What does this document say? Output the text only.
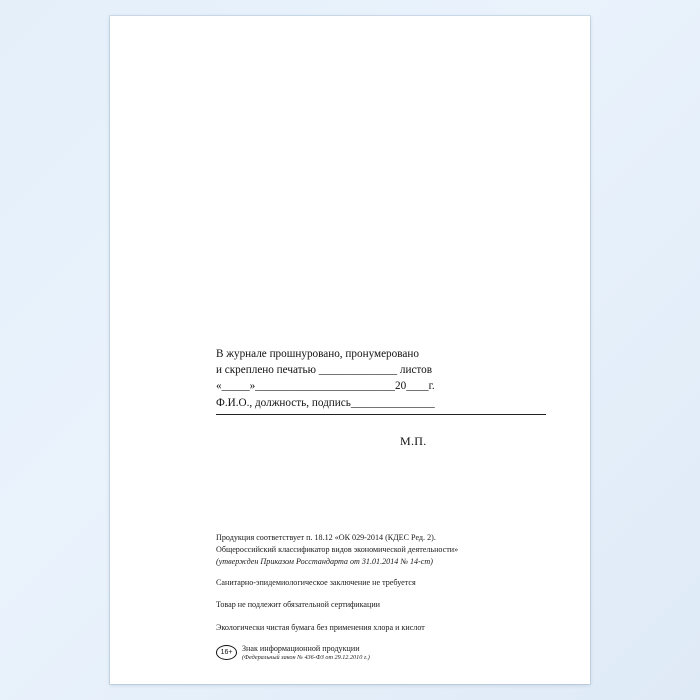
В журнале прошнуровано, пронумеровано
и скреплено печатью ______________ листов
«_____»_________________________20____г.
Ф.И.О., должность, подпись_______________
М.П.
Продукция соответствует п. 18.12 «ОК 029-2014 (КДЕС Ред. 2).
Общероссийский классификатор видов экономической деятельности»
(утвержден Приказом Росстандарта от 31.01.2014 № 14-ст)
Санитарно-эпидемиологическое заключение не требуется
Товар не подлежит обязательной сертификации
Экологически чистая бумага без применения хлора и кислот
16+	Знак информационной продукции
(Федеральный закон № 436-ФЗ от 29.12.2010 г.)
